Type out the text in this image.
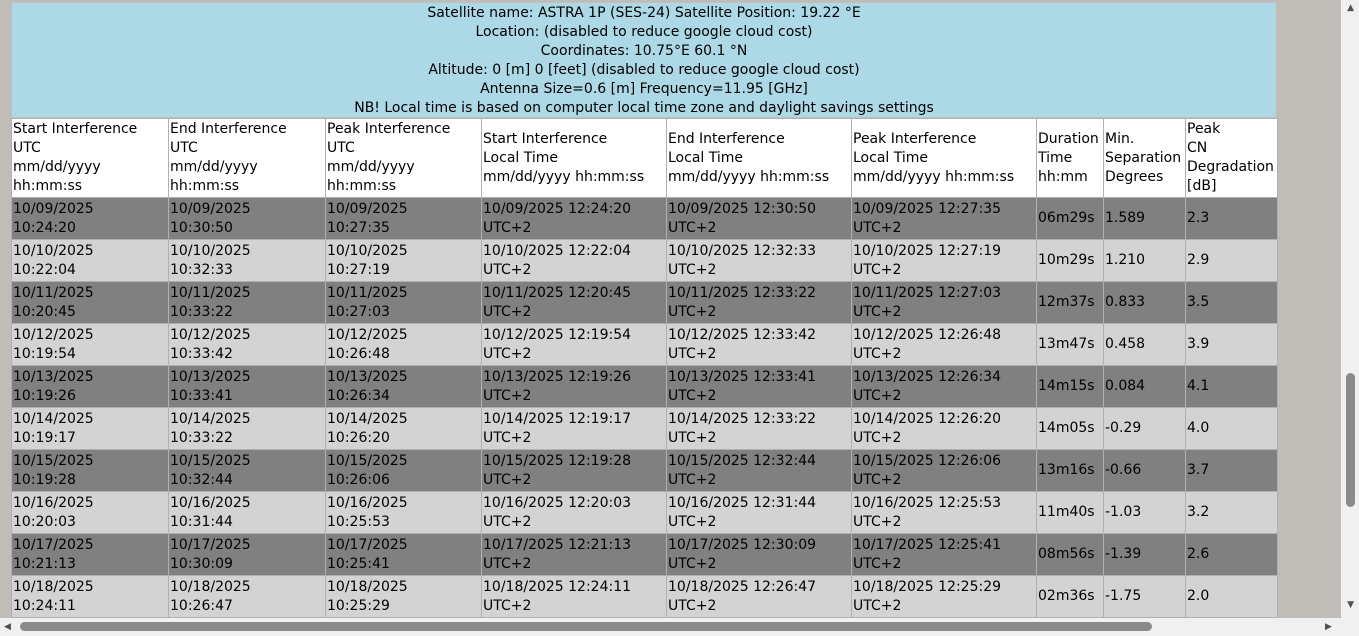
Satellite name: ASTRA 1P (SES-24) Satellite Position: 19.22 °E
Location: (disabled to reduce google cloud cost)
Coordinates: 10.75°E 60.1 °N
Altitude: 0 [m] 0 [feet] (disabled to reduce google cloud cost)
Antenna Size=0.6 [m] Frequency=11.95 [GHz]
NB! Local time is based on computer local time zone and daylight savings settings
Start Interference
UTC
mm/dd/yyyy
hh:mm:ss	End Interference
UTC
mm/dd/yyyy
hh:mm:ss	Peak Interference
UTC
mm/dd/yyyy
hh:mm:ss	Start Interference
Local Time
mm/dd/yyyy hh:mm:ss	End Interference
Local Time
mm/dd/yyyy hh:mm:ss	Peak Interference
Local Time
mm/dd/yyyy hh:mm:ss	Duration
Time
hh:mm	Min.
Separation
Degrees	Peak
CN
Degradation
[dB]

10/09/2025
10:24:20	10/09/2025
10:30:50	10/09/2025
10:27:35	10/09/2025 12:24:20
UTC+2	10/09/2025 12:30:50
UTC+2	10/09/2025 12:27:35
UTC+2	06m29s	1.589	2.3

10/10/2025
10:22:04	10/10/2025
10:32:33	10/10/2025
10:27:19	10/10/2025 12:22:04
UTC+2	10/10/2025 12:32:33
UTC+2	10/10/2025 12:27:19
UTC+2	10m29s	1.210	2.9

10/11/2025
10:20:45	10/11/2025
10:33:22	10/11/2025
10:27:03	10/11/2025 12:20:45
UTC+2	10/11/2025 12:33:22
UTC+2	10/11/2025 12:27:03
UTC+2	12m37s	0.833	3.5

10/12/2025
10:19:54	10/12/2025
10:33:42	10/12/2025
10:26:48	10/12/2025 12:19:54
UTC+2	10/12/2025 12:33:42
UTC+2	10/12/2025 12:26:48
UTC+2	13m47s	0.458	3.9

10/13/2025
10:19:26	10/13/2025
10:33:41	10/13/2025
10:26:34	10/13/2025 12:19:26
UTC+2	10/13/2025 12:33:41
UTC+2	10/13/2025 12:26:34
UTC+2	14m15s	0.084	4.1

10/14/2025
10:19:17	10/14/2025
10:33:22	10/14/2025
10:26:20	10/14/2025 12:19:17
UTC+2	10/14/2025 12:33:22
UTC+2	10/14/2025 12:26:20
UTC+2	14m05s	-0.29	4.0

10/15/2025
10:19:28	10/15/2025
10:32:44	10/15/2025
10:26:06	10/15/2025 12:19:28
UTC+2	10/15/2025 12:32:44
UTC+2	10/15/2025 12:26:06
UTC+2	13m16s	-0.66	3.7

10/16/2025
10:20:03	10/16/2025
10:31:44	10/16/2025
10:25:53	10/16/2025 12:20:03
UTC+2	10/16/2025 12:31:44
UTC+2	10/16/2025 12:25:53
UTC+2	11m40s	-1.03	3.2

10/17/2025
10:21:13	10/17/2025
10:30:09	10/17/2025
10:25:41	10/17/2025 12:21:13
UTC+2	10/17/2025 12:30:09
UTC+2	10/17/2025 12:25:41
UTC+2	08m56s	-1.39	2.6

10/18/2025
10:24:11	10/18/2025
10:26:47	10/18/2025
10:25:29	10/18/2025 12:24:11
UTC+2	10/18/2025 12:26:47
UTC+2	10/18/2025 12:25:29
UTC+2	02m36s	-1.75	2.0
▲
▼
◀	▶
